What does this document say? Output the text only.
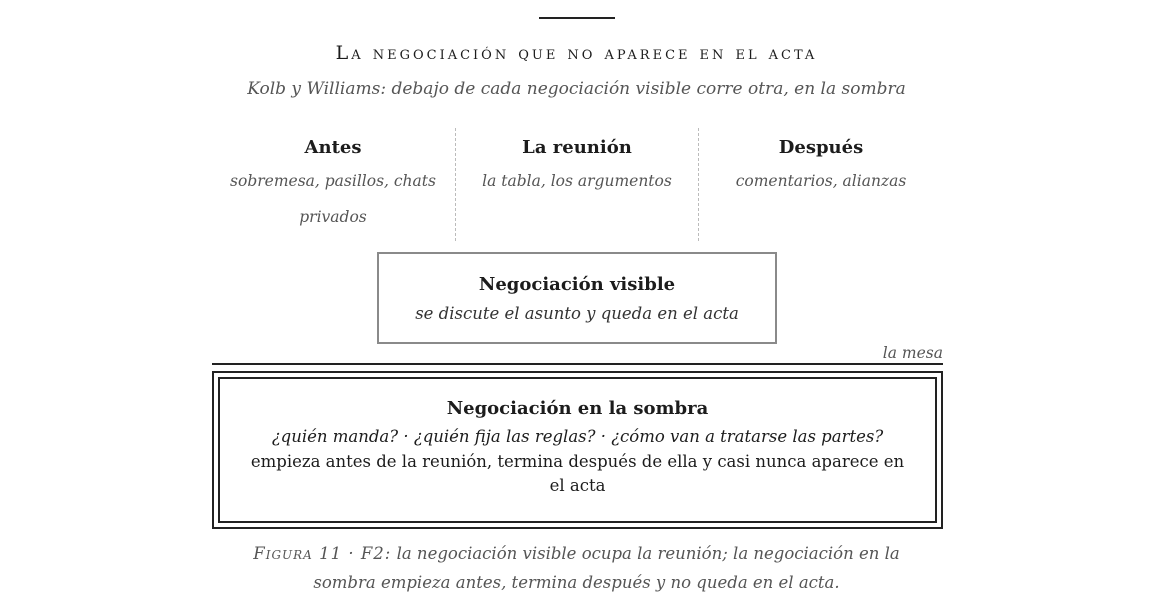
La negociación que no aparece en el acta
Kolb y Williams: debajo de cada negociación visible corre otra, en la sombra
Antes
sobremesa, pasillos, chats privados
La reunión
la tabla, los argumentos
Después
comentarios, alianzas
Negociación visible
se discute el asunto y queda en el acta
la mesa
Negociación en la sombra
¿quién manda? · ¿quién fija las reglas? · ¿cómo van a tratarse las partes?
empieza antes de la reunión, termina después de ella y casi nunca aparece en el acta
Figura 11 · F2: la negociación visible ocupa la reunión; la negociación en la sombra empieza antes, termina después y no queda en el acta.
